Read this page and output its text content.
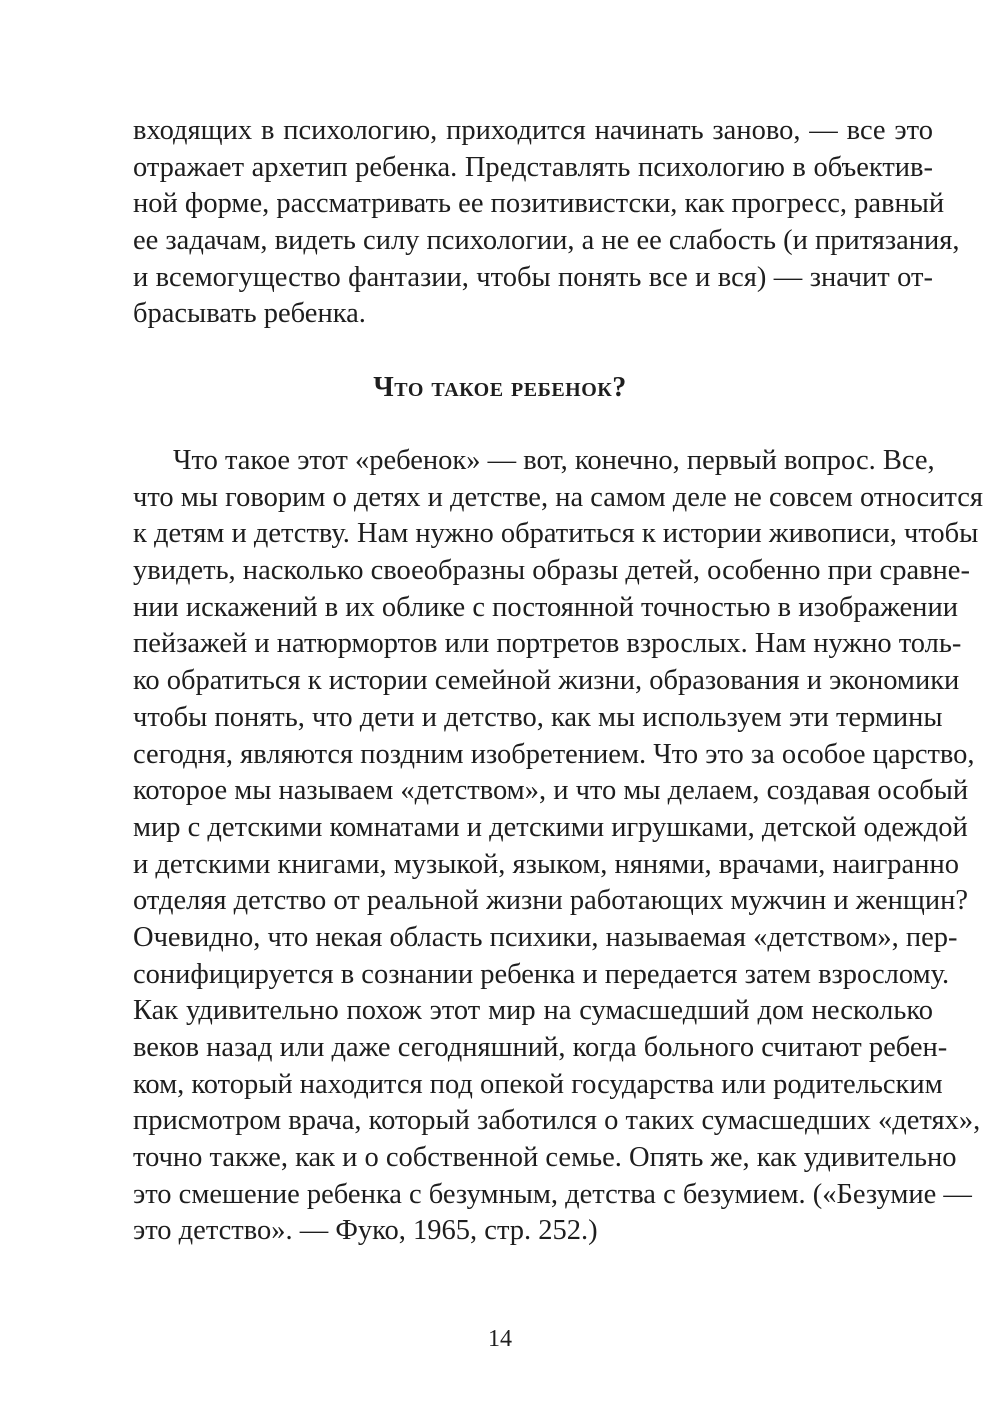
входящих в психологию, приходится начинать заново, — все это
отражает архетип ребенка. Представлять психологию в объектив-
ной форме, рассматривать ее позитивистски, как прогресс, равный
ее задачам, видеть силу психологии, а не ее слабость (и притязания,
и всемогущество фантазии, чтобы понять все и вся) — значит от-
брасывать ребенка.
Что такое ребенок?
Что такое этот «ребенок» — вот, конечно, первый вопрос. Все,
что мы говорим о детях и детстве, на самом деле не совсем относится
к детям и детству. Нам нужно обратиться к истории живописи, чтобы
увидеть, насколько своеобразны образы детей, особенно при сравне-
нии искажений в их облике с постоянной точностью в изображении
пейзажей и натюрмортов или портретов взрослых. Нам нужно толь-
ко обратиться к истории семейной жизни, образования и экономики
чтобы понять, что дети и детство, как мы используем эти термины
сегодня, являются поздним изобретением. Что это за особое царство,
которое мы называем «детством», и что мы делаем, создавая особый
мир с детскими комнатами и детскими игрушками, детской одеждой
и детскими книгами, музыкой, языком, нянями, врачами, наигранно
отделяя детство от реальной жизни работающих мужчин и женщин?
Очевидно, что некая область психики, называемая «детством», пер-
сонифицируется в сознании ребенка и передается затем взрослому.
Как удивительно похож этот мир на сумасшедший дом несколько
веков назад или даже сегодняшний, когда больного считают ребен-
ком, который находится под опекой государства или родительским
присмотром врача, который заботился о таких сумасшедших «детях»,
точно также, как и о собственной семье. Опять же, как удивительно
это смешение ребенка с безумным, детства с безумием. («Безумие —
это детство». — Фуко, 1965, стр. 252.)
14
